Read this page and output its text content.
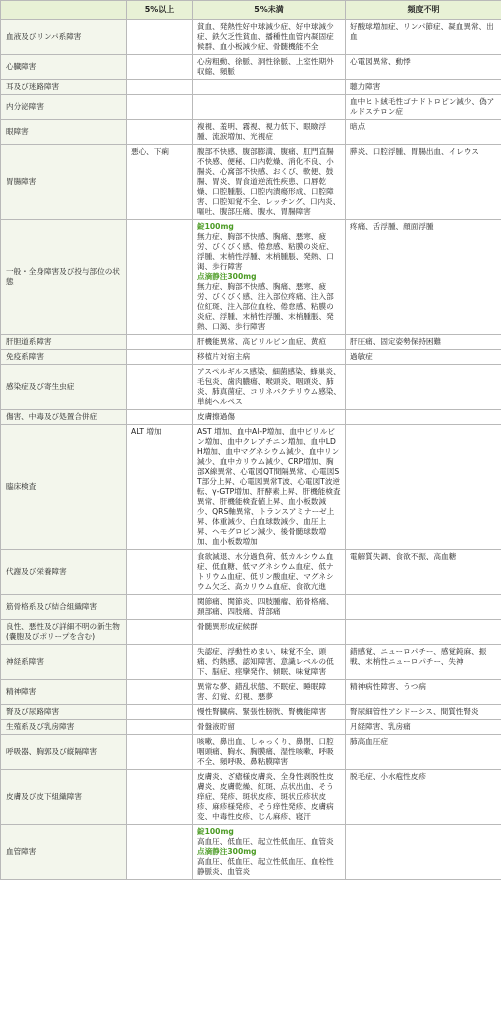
	5%以上	5%未満	頻度不明
血液及びリンパ系障害		貧血、発熱性好中球減少症、好中球減少症、鉄欠乏性貧血、播種性血管内凝固症候群、血小板減少症、骨髄機能不全	好酸球増加症、リンパ節症、凝血異常、出血
心臓障害		心房粗動、徐脈、洞性徐脈、上室性期外収縮、頻脈	心電図異常、動悸
耳及び迷路障害			聴力障害
内分泌障害			血中ヒト絨毛性ゴナドトロピン減少、偽アルドステロン症
眼障害		複視、羞明、霧視、視力低下、眼瞼浮腫、流涙増加、光視症	暗点
胃腸障害	悪心、下痢	腹部不快感、腹部膨満、腹痛、肛門直腸不快感、便秘、口内乾燥、消化不良、小腸炎、心窩部不快感、おくび、軟便、鼓腸、胃炎、胃食道逆流性疾患、口唇乾燥、口腔腫脹、口腔内潰瘍形成、口腔障害、口腔知覚不全、レッチング、口内炎、嘔吐、腹部圧痛、腹水、胃腸障害	膵炎、口腔浮腫、胃腸出血、イレウス
一般・全身障害及び投与部位の状態		錠100mg
無力症、胸部不快感、胸痛、悪寒、疲労、びくびく感、倦怠感、粘膜の炎症、浮腫、末梢性浮腫、末梢腫脹、発熱、口渇、歩行障害
点滴静注300mg
無力症、胸部不快感、胸痛、悪寒、疲労、びくびく感、注入部位疼痛、注入部位紅斑、注入部位血栓、倦怠感、粘膜の炎症、浮腫、末梢性浮腫、末梢腫脹、発熱、口渇、歩行障害	疼痛、舌浮腫、顔面浮腫
肝胆道系障害		肝機能異常、高ビリルビン血症、黄疸	肝圧痛、固定姿勢保持困難
免疫系障害		移植片対宿主病	過敏症
感染症及び寄生虫症		アスペルギルス感染、細菌感染、蜂巣炎、毛包炎、歯肉膿瘍、喉頭炎、咽頭炎、肺炎、肺真菌症、コリネバクテリウム感染、単純ヘルペス	
傷害、中毒及び処置合併症		皮膚擦過傷	
臨床検査	ALT 増加	AST 増加、血中Al-P増加、血中ビリルビン増加、血中クレアチニン増加、血中LDH増加、血中マグネシウム減少、血中リン減少、血中カリウム減少、CRP増加、胸部X線異常、心電図QT間隔異常、心電図ST部分上昇、心電図異常T波、心電図T波逆転、γ-GTP増加、肝酵素上昇、肝機能検査異常、肝機能検査値上昇、血小板数減少、QRS軸異常、トランスアミナーゼ上昇、体重減少、白血球数減少、血圧上昇、ヘモグロビン減少、後骨髄球数増加、血小板数増加	
代謝及び栄養障害		食欲減退、水分過負荷、低カルシウム血症、低血糖、低マグネシウム血症、低ナトリウム血症、低リン酸血症、マグネシウム欠乏、高カリウム血症、食欲亢進	電解質失調、食欲不振、高血糖
筋骨格系及び結合組織障害		関節痛、関節炎、四肢腫瘤、筋骨格痛、頚部痛、四肢痛、背部痛	
良性、悪性及び詳細不明の新生物(嚢胞及びポリープを含む)		骨髄異形成症候群	
神経系障害		失認症、浮動性めまい、味覚不全、頭痛、灼熱感、認知障害、意識レベルの低下、脳症、痙攣発作、傾眠、味覚障害	錯感覚、ニューロパチー、感覚鈍麻、振戦、末梢性ニューロパチー、失神
精神障害		異常な夢、錯乱状態、不眠症、睡眠障害、幻覚、幻視、悪夢	精神病性障害、うつ病
腎及び尿路障害		慢性腎臓病、緊張性膀胱、腎機能障害	腎尿細管性アシドーシス、間質性腎炎
生殖系及び乳房障害		骨盤液貯留	月経障害、乳房痛
呼吸器、胸郭及び縦隔障害		咳嗽、鼻出血、しゃっくり、鼻閉、口腔咽頭痛、胸水、胸膜痛、湿性咳嗽、呼吸不全、頻呼吸、鼻粘膜障害	肺高血圧症
皮膚及び皮下組織障害		皮膚炎、ざ瘡様皮膚炎、全身性剥脱性皮膚炎、皮膚乾燥、紅斑、点状出血、そう痒症、発疹、斑状皮疹、斑状丘疹状皮疹、麻疹様発疹、そう痒性発疹、皮膚病変、中毒性皮疹、じん麻疹、寝汗	脱毛症、小水疱性皮疹
血管障害		錠100mg
高血圧、低血圧、起立性低血圧、血管炎
点滴静注300mg
高血圧、低血圧、起立性低血圧、血栓性静脈炎、血管炎	
